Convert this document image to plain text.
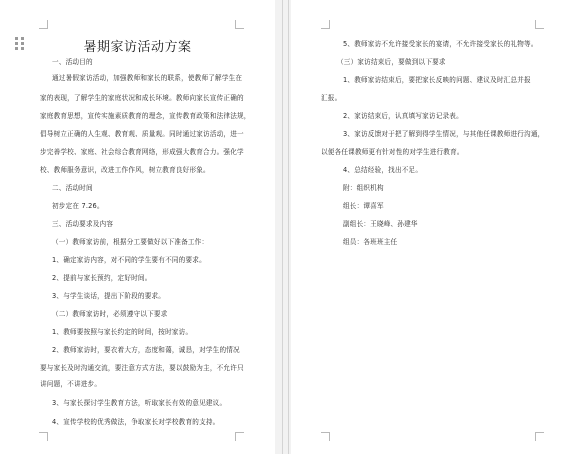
暑期家访活动方案
一、活动目的
通过暑假家访活动，加强教师和家长的联系，使教师了解学生在
家的表现，了解学生的家庭状况和成长环境。教师向家长宣传正确的
家庭教育思想，宣传实施素质教育的理念，宣传教育政策和法律法规，
倡导树立正确的人生观、教育观、质量观。同时通过家访活动，进一
步完善学校、家庭、社会综合教育网络，形成强大教育合力。强化学
校、教师服务意识，改进工作作风，树立教育良好形象。
二、活动时间
初步定在 7.26。
三、活动要求及内容
（一）教师家访前，根据分工要做好以下准备工作：
1、确定家访内容，对不同的学生要有不同的要求。
2、提前与家长预约，定好时间。
3、与学生谈话，提出下阶段的要求。
（二）教师家访时，必须遵守以下要求
1、教师要按照与家长约定的时间，按时家访。
2、教师家访时，要衣着大方，态度和蔼，诚恳，对学生的情况
要与家长及时沟通交流，要注意方式方法，要以鼓励为主，不允许只
讲问题，不讲进步。
3、与家长探讨学生教育方法，听取家长有效的意见建议。
4、宣传学校的优秀做法，争取家长对学校教育的支持。
5、教师家访不允许接受家长的宴请，不允许接受家长的礼物等。
（三）家访结束后，要做到以下要求
1、教师家访结束后，要把家长反映的问题、建议及时汇总并报
汇报。
2、家访结束后，认真填写家访记录表。
3、家访反馈对于把了解到得学生情况，与其他任课教师进行沟通，
以便各任课教师更有针对性的对学生进行教育。
4、总结经验，找出不足。
附：组织机构
组长：谭喜军
副组长：王晓峰、孙建华
组员：各班班主任
